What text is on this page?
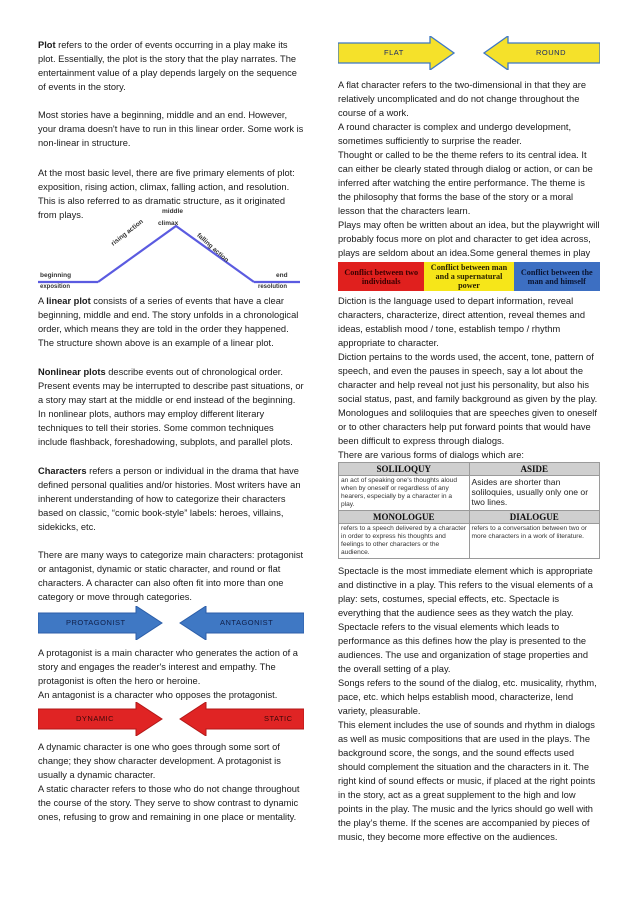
Plot refers to the order of events occurring in a play make its plot. Essentially, the plot is the story that the play narrates. The entertainment value of a play depends largely on the sequence of events in the story.

Most stories have a beginning, middle and an end. However, your drama doesn't have to run in this linear order. Some work is non-linear in structure.

At the most basic level, there are five primary elements of plot: exposition, rising action, climax, falling action, and resolution. This is also referred to as dramatic structure, as it originated from plays.	middle
climax
rising action	falling action
beginning
exposition
end
resolution

A linear plot consists of a series of events that have a clear beginning, middle and end. The story unfolds in a chronological order, which means they are told in the order they happened. The structure shown above is an example of a linear plot.

Nonlinear plots describe events out of chronological order. Present events may be interrupted to describe past situations, or a story may start at the middle or end instead of the beginning. In nonlinear plots, authors may employ different literary techniques to tell their stories. Some common techniques include flashback, foreshadowing, subplots, and parallel plots.

Characters refers a person or individual in the drama that have defined personal qualities and/or histories. Most writers have an inherent understanding of how to categorize their characters based on classic, “comic book-style” labels: heroes, villains, sidekicks, etc.

There are many ways to categorize main characters: protagonist or antagonist, dynamic or static character, and round or flat characters. A character can also often fit into more than one category or move through categories.

PROTAGONIST	ANTAGONIST

A protagonist is a main character who generates the action of a story and engages the reader's interest and empathy. The protagonist is often the hero or heroine.

An antagonist is a character who opposes the protagonist.

DYNAMIC	STATIC

A dynamic character is one who goes through some sort of change; they show character development. A protagonist is usually a dynamic character.

A static character refers to those who do not change throughout the course of the story. They serve to show contrast to dynamic ones, refusing to grow and remaining in one place or mentality.

FLAT	ROUND

A flat character refers to the two-dimensional in that they are relatively uncomplicated and do not change throughout the course of a work.

A round character is complex and undergo development, sometimes sufficiently to surprise the reader.

Thought or called to be the theme refers to its central idea. It can either be clearly stated through dialog or action, or can be inferred after watching the entire performance. The theme is the philosophy that forms the base of the story or a moral lesson that the characters learn.

Plays may often be written about an idea, but the playwright will probably focus more on plot and character to get idea across, plays are seldom about an idea.Some general themes in play

Conflict between two individuals	Conflict between man and a supernatural power	Conflict between the man and himself

Diction is the language used to depart information, reveal characters, characterize, direct attention, reveal themes and ideas, establish mood / tone, establish tempo / rhythm appropriate to character.

Diction pertains to the words used, the accent, tone, pattern of speech, and even the pauses in speech, say a lot about the character and help reveal not just his personality, but also his social status, past, and family background as given by the play. Monologues and soliloquies that are speeches given to oneself or to other characters help put forward points that would have been difficult to express through dialogs.

There are various forms of dialogs which are:

SOLILOQUY	ASIDE
an act of speaking one's thoughts aloud when by oneself or regardless of any hearers, especially by a character in a play.	Asides are shorter than soliloquies, usually only one or two lines.
MONOLOGUE	DIALOGUE
refers to a speech delivered by a character in order to express his thoughts and feelings to other characters or the audience.	refers to a conversation between two or more characters in a work of literature.

Spectacle is the most immediate element which is appropriate and distinctive in a play. This refers to the visual elements of a play: sets, costumes, special effects, etc. Spectacle is everything that the audience sees as they watch the play.

Spectacle refers to the visual elements which leads to performance as this defines how the play is presented to the audiences. The use and organization of stage properties and the overall setting of a play.

Songs refers to the sound of the dialog, etc. musicality, rhythm, pace, etc. which helps establish mood, characterize, lend variety, pleasurable.

This element includes the use of sounds and rhythm in dialogs as well as music compositions that are used in the plays. The background score, the songs, and the sound effects used should complement the situation and the characters in it. The right kind of sound effects or music, if placed at the right points in the story, act as a great supplement to the high and low points in the play. The music and the lyrics should go well with the play’s theme. If the scenes are accompanied by pieces of music, they become more effective on the audiences.
